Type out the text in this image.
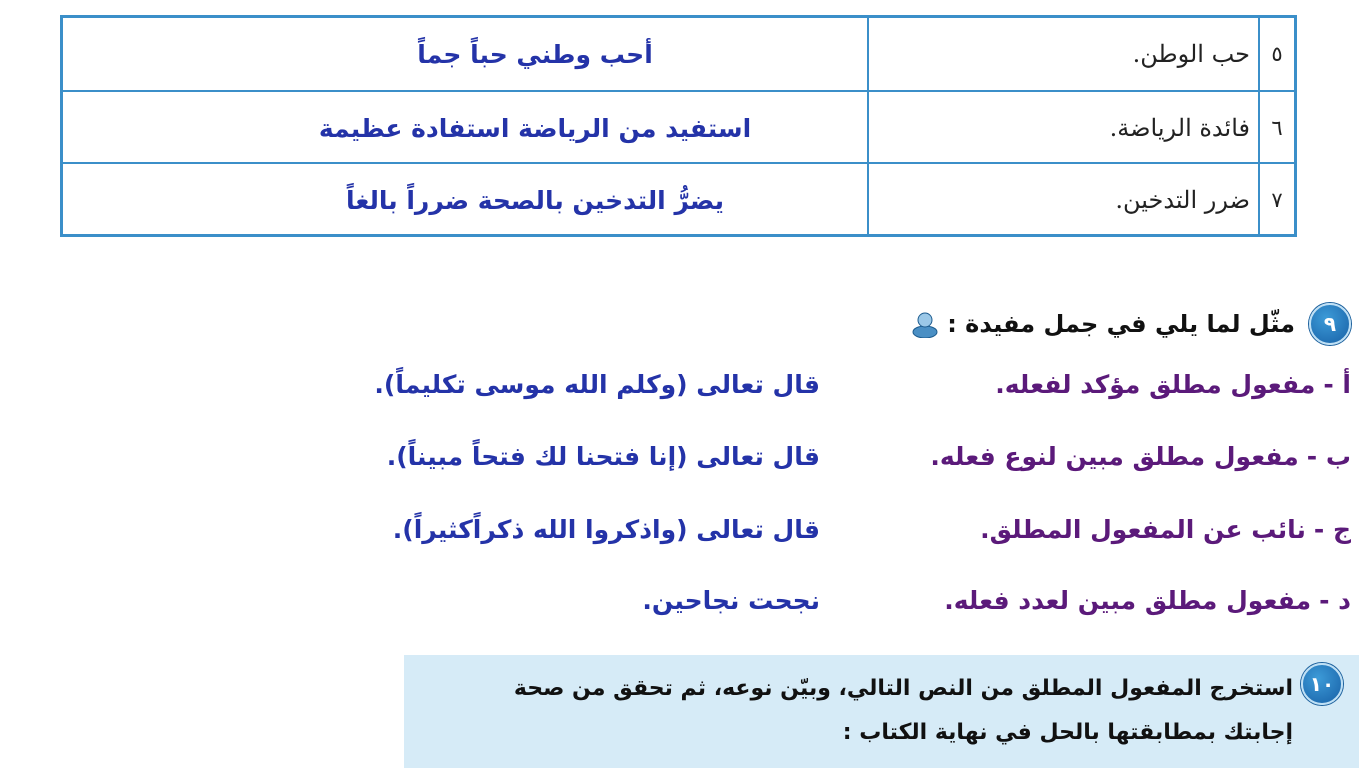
٥
حب الوطن.
أحب وطني حباً جماً
٦
فائدة الرياضة.
استفيد من الرياضة استفادة عظيمة
٧
ضرر التدخين.
يضرُّ التدخين بالصحة ضرراً بالغاً
٩
مثّل لما يلي في جمل مفيدة :
أ -
مفعول مطلق مؤكد لفعله.
قال تعالى (وكلم الله موسى تكليماً).
ب -
مفعول مطلق مبين لنوع فعله.
قال تعالى (إنا فتحنا لك فتحاً مبيناً).
ج -
نائب عن المفعول المطلق.
قال تعالى (واذكروا الله ذكراًكثيراً).
د -
مفعول مطلق مبين لعدد فعله.
نجحت نجاحين.
١٠
استخرج المفعول المطلق من النص التالي، وبيّن نوعه، ثم تحقق من صحة
إجابتك بمطابقتها بالحل في نهاية الكتاب :
